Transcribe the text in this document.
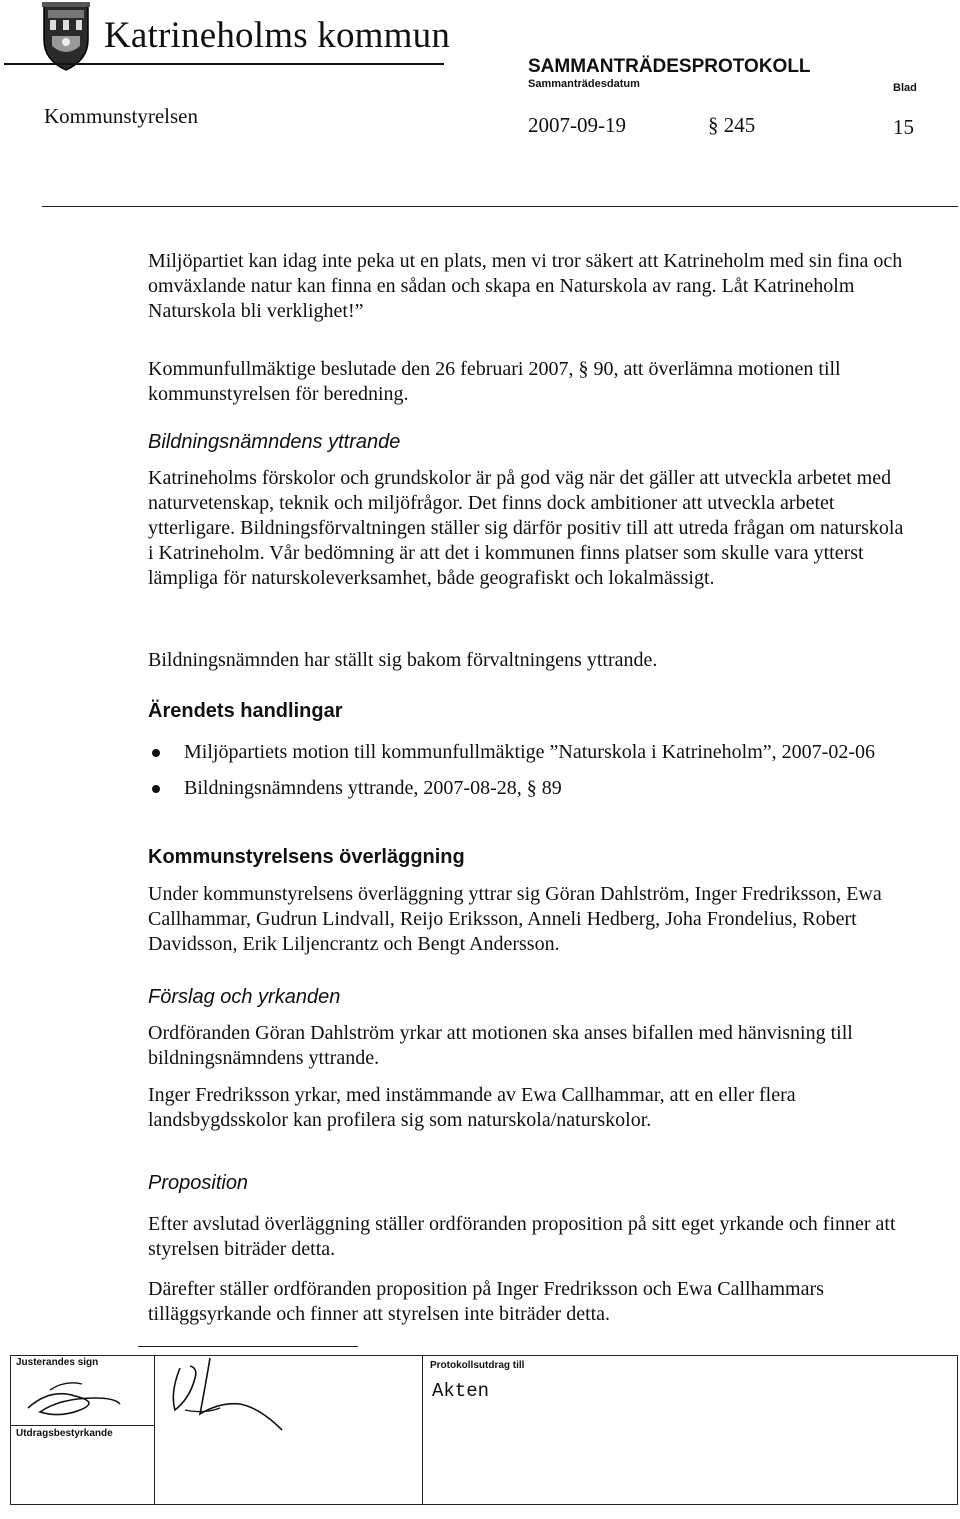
Katrineholms kommun
SAMMANTRÄDESPROTOKOLL
Sammanträdesdatum	Blad
Kommunstyrelsen	2007-09-19	§ 245	15

Miljöpartiet kan idag inte peka ut en plats, men vi tror säkert att Katrineholm med sin fina och omväxlande natur kan finna en sådan och skapa en Naturskola av rang. Låt Katrineholm Naturskola bli verklighet!”

Kommunfullmäktige beslutade den 26 februari 2007, § 90, att överlämna motionen till kommunstyrelsen för beredning.

Bildningsnämndens yttrande

Katrineholms förskolor och grundskolor är på god väg när det gäller att utveckla arbetet med naturvetenskap, teknik och miljöfrågor. Det finns dock ambitioner att utveckla arbetet ytterligare. Bildningsförvaltningen ställer sig därför positiv till att utreda frågan om naturskola i Katrineholm. Vår bedömning är att det i kommunen finns platser som skulle vara ytterst lämpliga för naturskoleverksamhet, både geografiskt och lokalmässigt.

Bildningsnämnden har ställt sig bakom förvaltningens yttrande.

Ärendets handlingar

Miljöpartiets motion till kommunfullmäktige ”Naturskola i Katrineholm”, 2007-02-06
Bildningsnämndens yttrande, 2007-08-28, § 89

Kommunstyrelsens överläggning

Under kommunstyrelsens överläggning yttrar sig Göran Dahlström, Inger Fredriksson, Ewa Callhammar, Gudrun Lindvall, Reijo Eriksson, Anneli Hedberg, Joha Frondelius, Robert Davidsson, Erik Liljencrantz och Bengt Andersson.

Förslag och yrkanden

Ordföranden Göran Dahlström yrkar att motionen ska anses bifallen med hänvisning till bildningsnämndens yttrande.

Inger Fredriksson yrkar, med instämmande av Ewa Callhammar, att en eller flera landsbygdsskolor kan profilera sig som naturskola/naturskolor.

Proposition

Efter avslutad överläggning ställer ordföranden proposition på sitt eget yrkande och finner att styrelsen biträder detta.

Därefter ställer ordföranden proposition på Inger Fredriksson och Ewa Callhammars tilläggsyrkande och finner att styrelsen inte biträder detta.

Justerandes sign
Utdragsbestyrkande
Protokollsutdrag till
Akten
